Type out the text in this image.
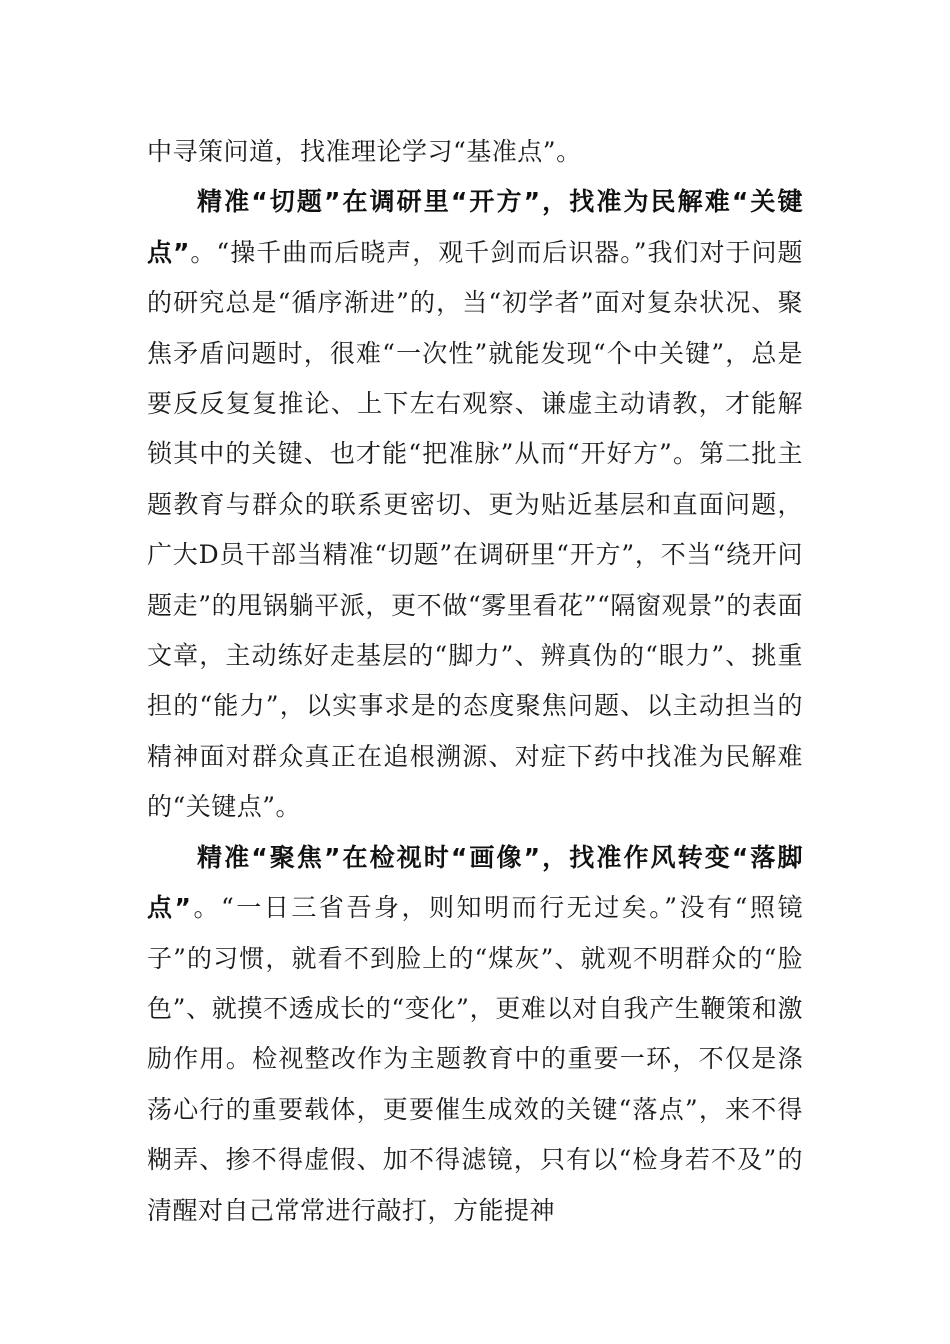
中寻策问道，找准理论学习“基准点”。

精准“切题”在调研里“开方”，找准为民解难“关键点”。“操千曲而后晓声，观千剑而后识器。”我们对于问题的研究总是“循序渐进”的，当“初学者”面对复杂状况、聚焦矛盾问题时，很难“一次性”就能发现“个中关键”，总是要反反复复推论、上下左右观察、谦虚主动请教，才能解锁其中的关键、也才能“把准脉”从而“开好方”。第二批主题教育与群众的联系更密切、更为贴近基层和直面问题，广大D员干部当精准“切题”在调研里“开方”，不当“绕开问题走”的甩锅躺平派，更不做“雾里看花”“隔窗观景”的表面文章，主动练好走基层的“脚力”、辨真伪的“眼力”、挑重担的“能力”，以实事求是的态度聚焦问题、以主动担当的精神面对群众真正在追根溯源、对症下药中找准为民解难的“关键点”。

精准“聚焦”在检视时“画像”，找准作风转变“落脚点”。“一日三省吾身，则知明而行无过矣。”没有“照镜子”的习惯，就看不到脸上的“煤灰”、就观不明群众的“脸色”、就摸不透成长的“变化”，更难以对自我产生鞭策和激励作用。检视整改作为主题教育中的重要一环，不仅是涤荡心行的重要载体，更要催生成效的关键“落点”，来不得糊弄、掺不得虚假、加不得滤镜，只有以“检身若不及”的清醒对自己常常进行敲打，方能提神
